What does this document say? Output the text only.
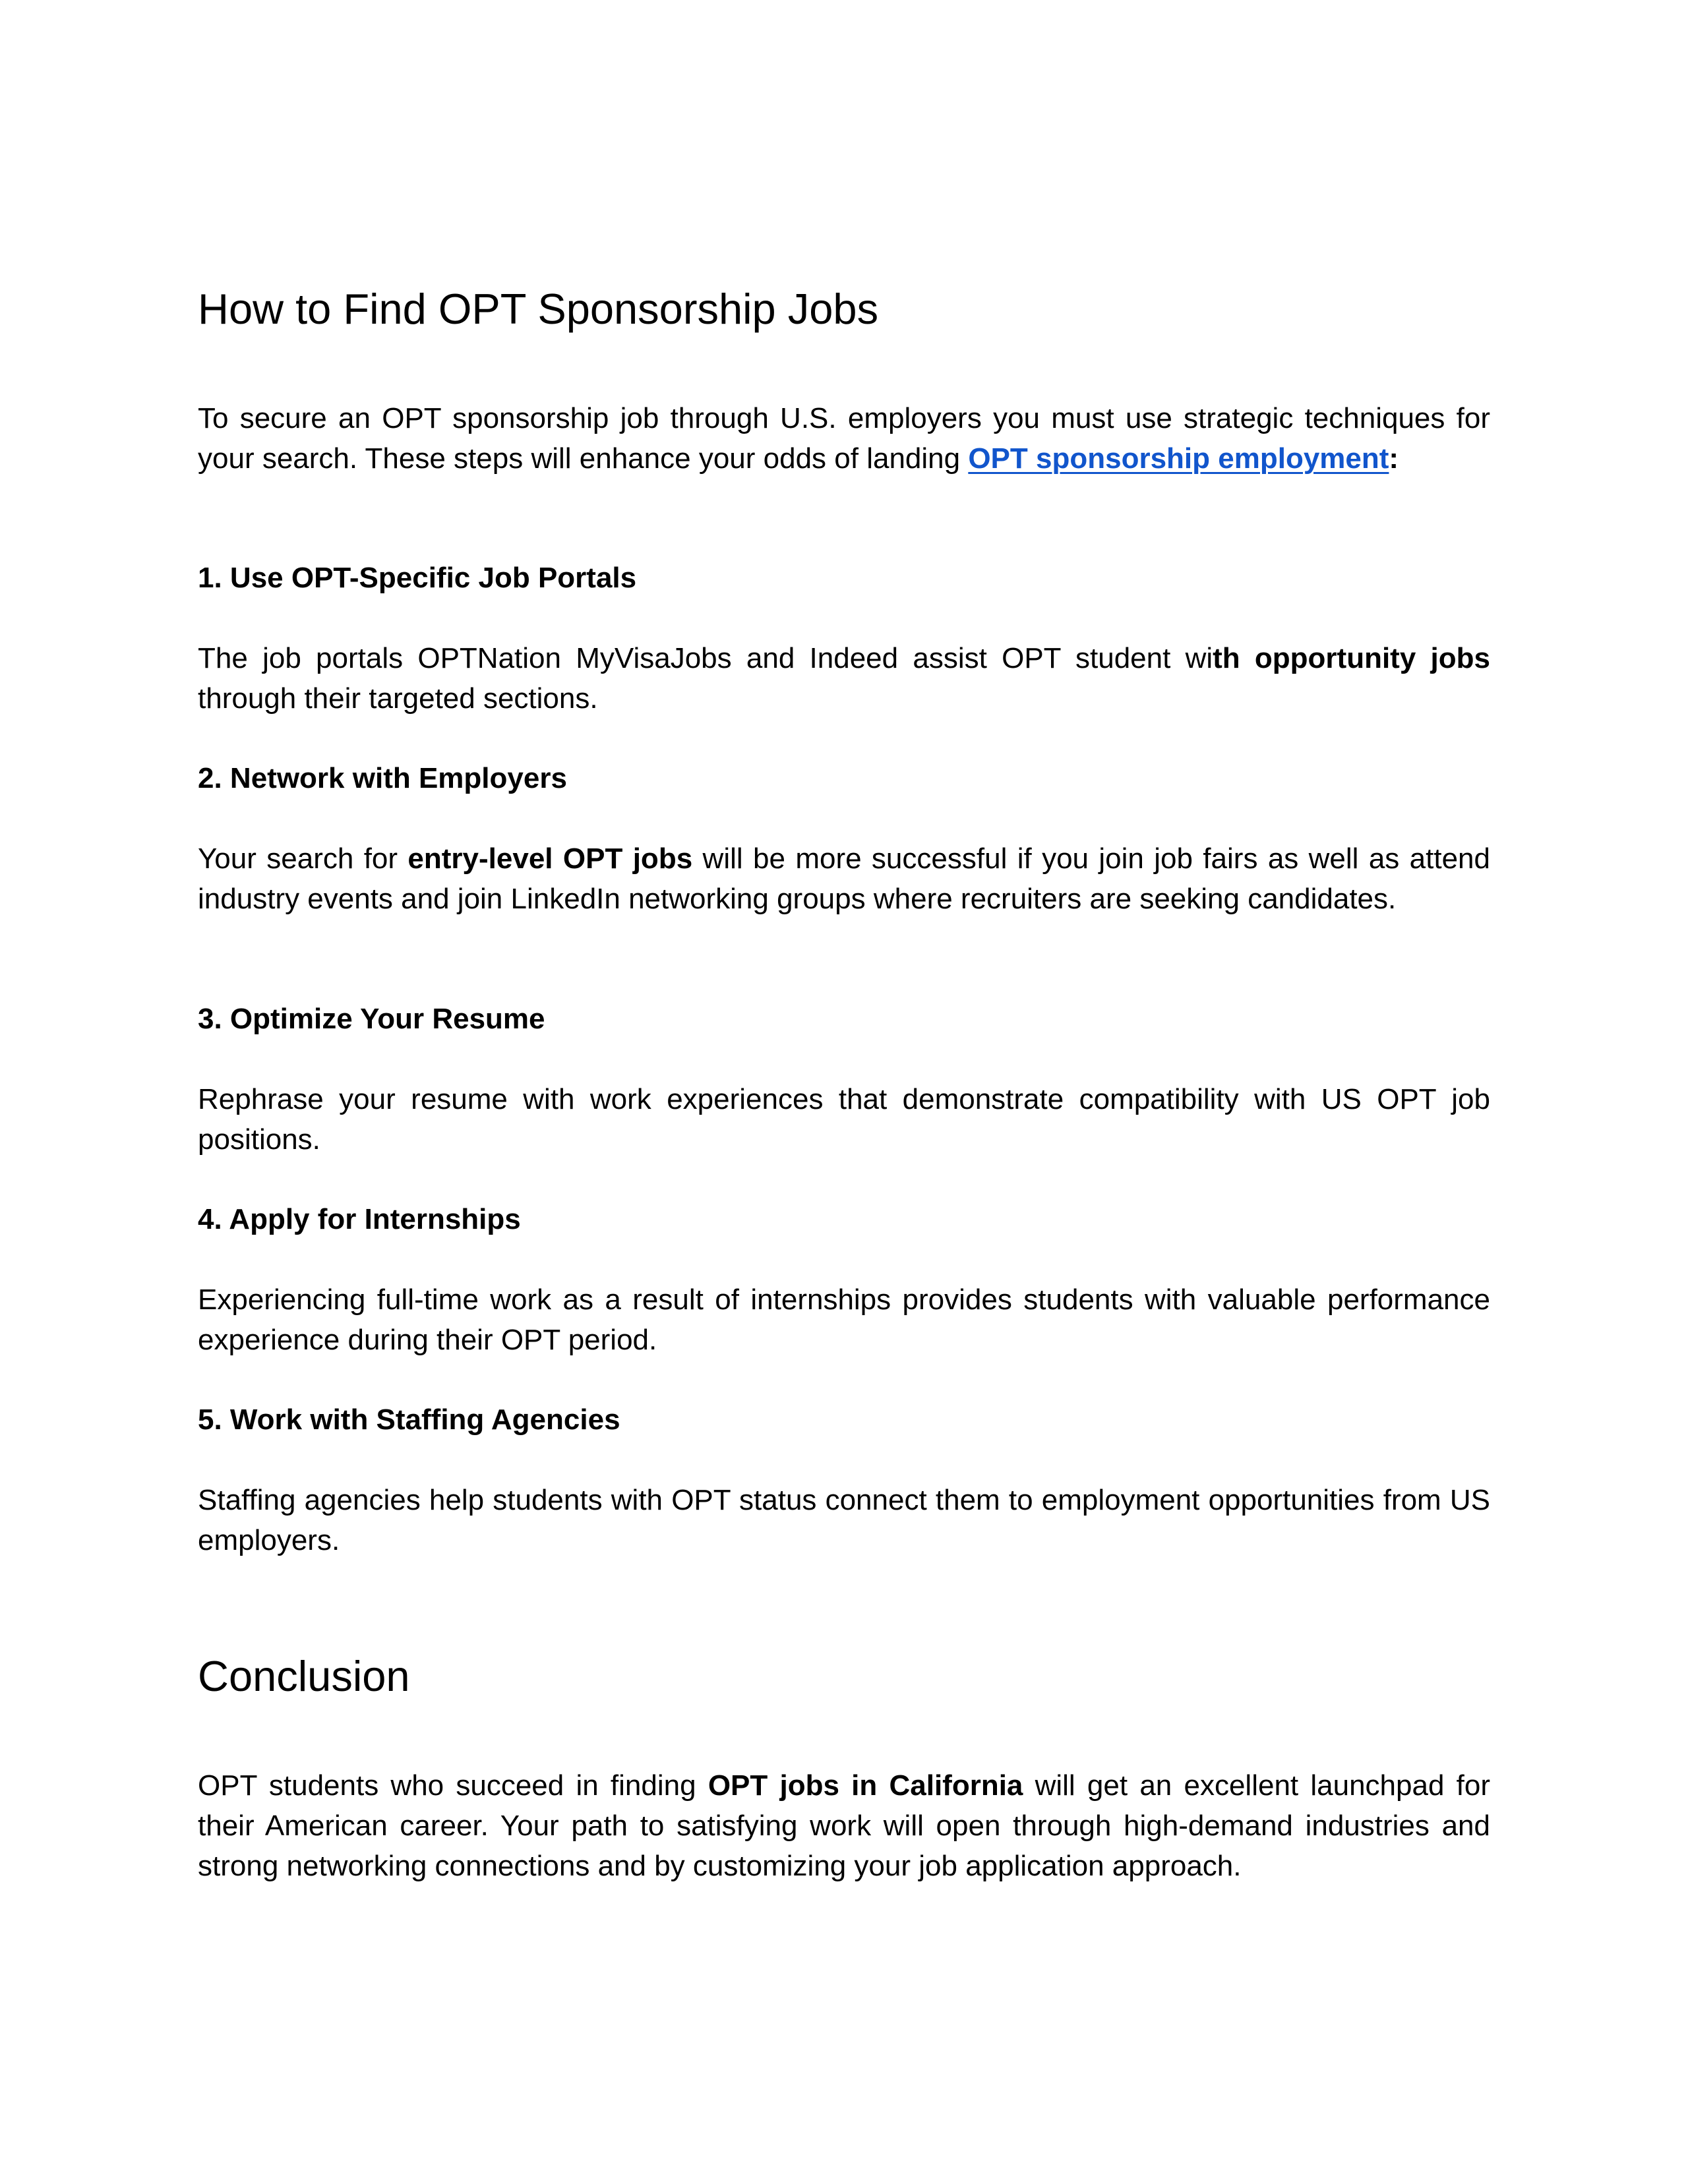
How to Find OPT Sponsorship Jobs

To secure an OPT sponsorship job through U.S. employers you must use strategic techniques for your search. These steps will enhance your odds of landing OPT sponsorship employment:

1. Use OPT-Specific Job Portals

The job portals OPTNation MyVisaJobs and Indeed assist OPT student with opportunity jobs through their targeted sections.

2. Network with Employers

Your search for entry-level OPT jobs will be more successful if you join job fairs as well as attend industry events and join LinkedIn networking groups where recruiters are seeking candidates.

3. Optimize Your Resume

Rephrase your resume with work experiences that demonstrate compatibility with US OPT job positions.

4. Apply for Internships

Experiencing full-time work as a result of internships provides students with valuable performance experience during their OPT period.

5. Work with Staffing Agencies

Staffing agencies help students with OPT status connect them to employment opportunities from US employers.

Conclusion

OPT students who succeed in finding OPT jobs in California will get an excellent launchpad for their American career. Your path to satisfying work will open through high-demand industries and strong networking connections and by customizing your job application approach.
